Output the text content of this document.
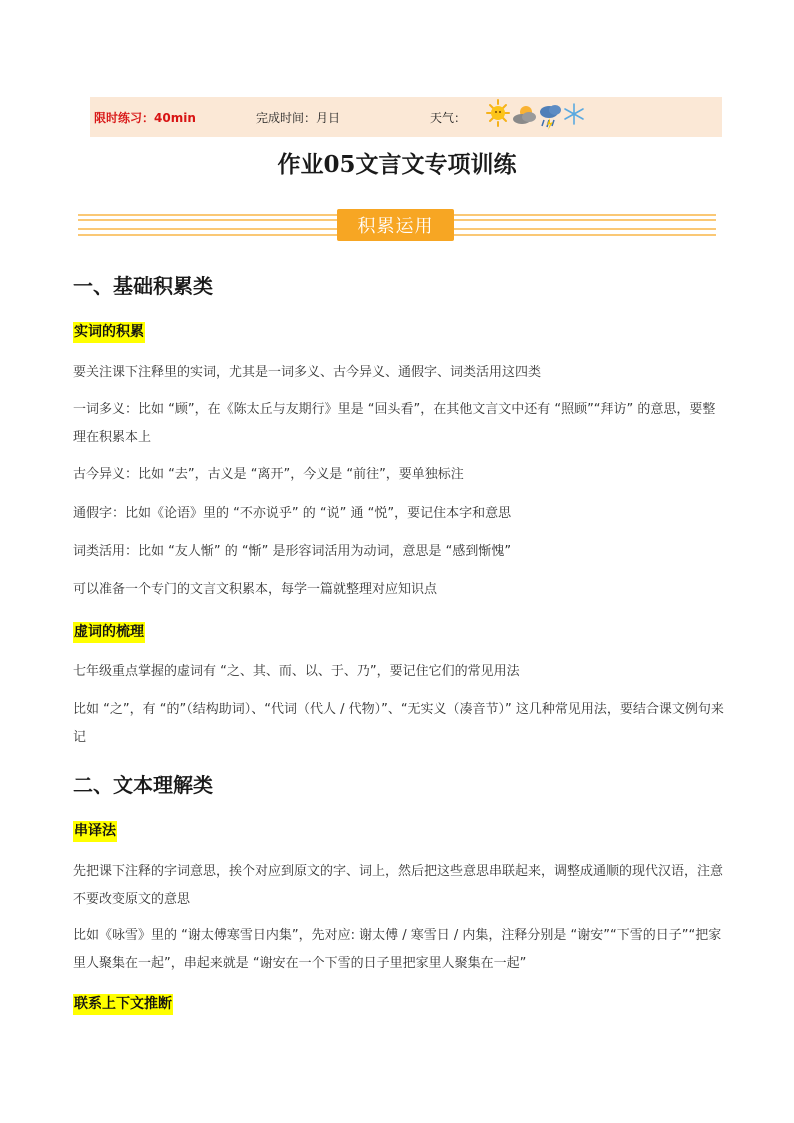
限时练习：40min	完成时间：月日	天气：
作业05文言文专项训练
积累运用
一、基础积累类
实词的积累
要关注课下注释里的实词，尤其是一词多义、古今异义、通假字、词类活用这四类
一词多义：比如 “顾”，在《陈太丘与友期行》里是 “回头看”，在其他文言文中还有 “照顾”“拜访” 的意思，要整理在积累本上
古今异义：比如 “去”，古义是 “离开”，今义是 “前往”，要单独标注
通假字：比如《论语》里的 “不亦说乎” 的 “说” 通 “悦”，要记住本字和意思
词类活用：比如 “友人惭” 的 “惭” 是形容词活用为动词，意思是 “感到惭愧”
可以准备一个专门的文言文积累本，每学一篇就整理对应知识点
虚词的梳理
七年级重点掌握的虚词有 “之、其、而、以、于、乃”，要记住它们的常见用法
比如 “之”，有 “的”（结构助词）、“代词（代人 / 代物）”、“无实义（凑音节）” 这几种常见用法，要结合课文例句来记
二、文本理解类
串译法
先把课下注释的字词意思，挨个对应到原文的字、词上，然后把这些意思串联起来，调整成通顺的现代汉语，注意不要改变原文的意思
比如《咏雪》里的 “谢太傅寒雪日内集”，先对应: 谢太傅 / 寒雪日 / 内集，注释分别是 “谢安”“下雪的日子”“把家里人聚集在一起”，串起来就是 “谢安在一个下雪的日子里把家里人聚集在一起”
联系上下文推断
